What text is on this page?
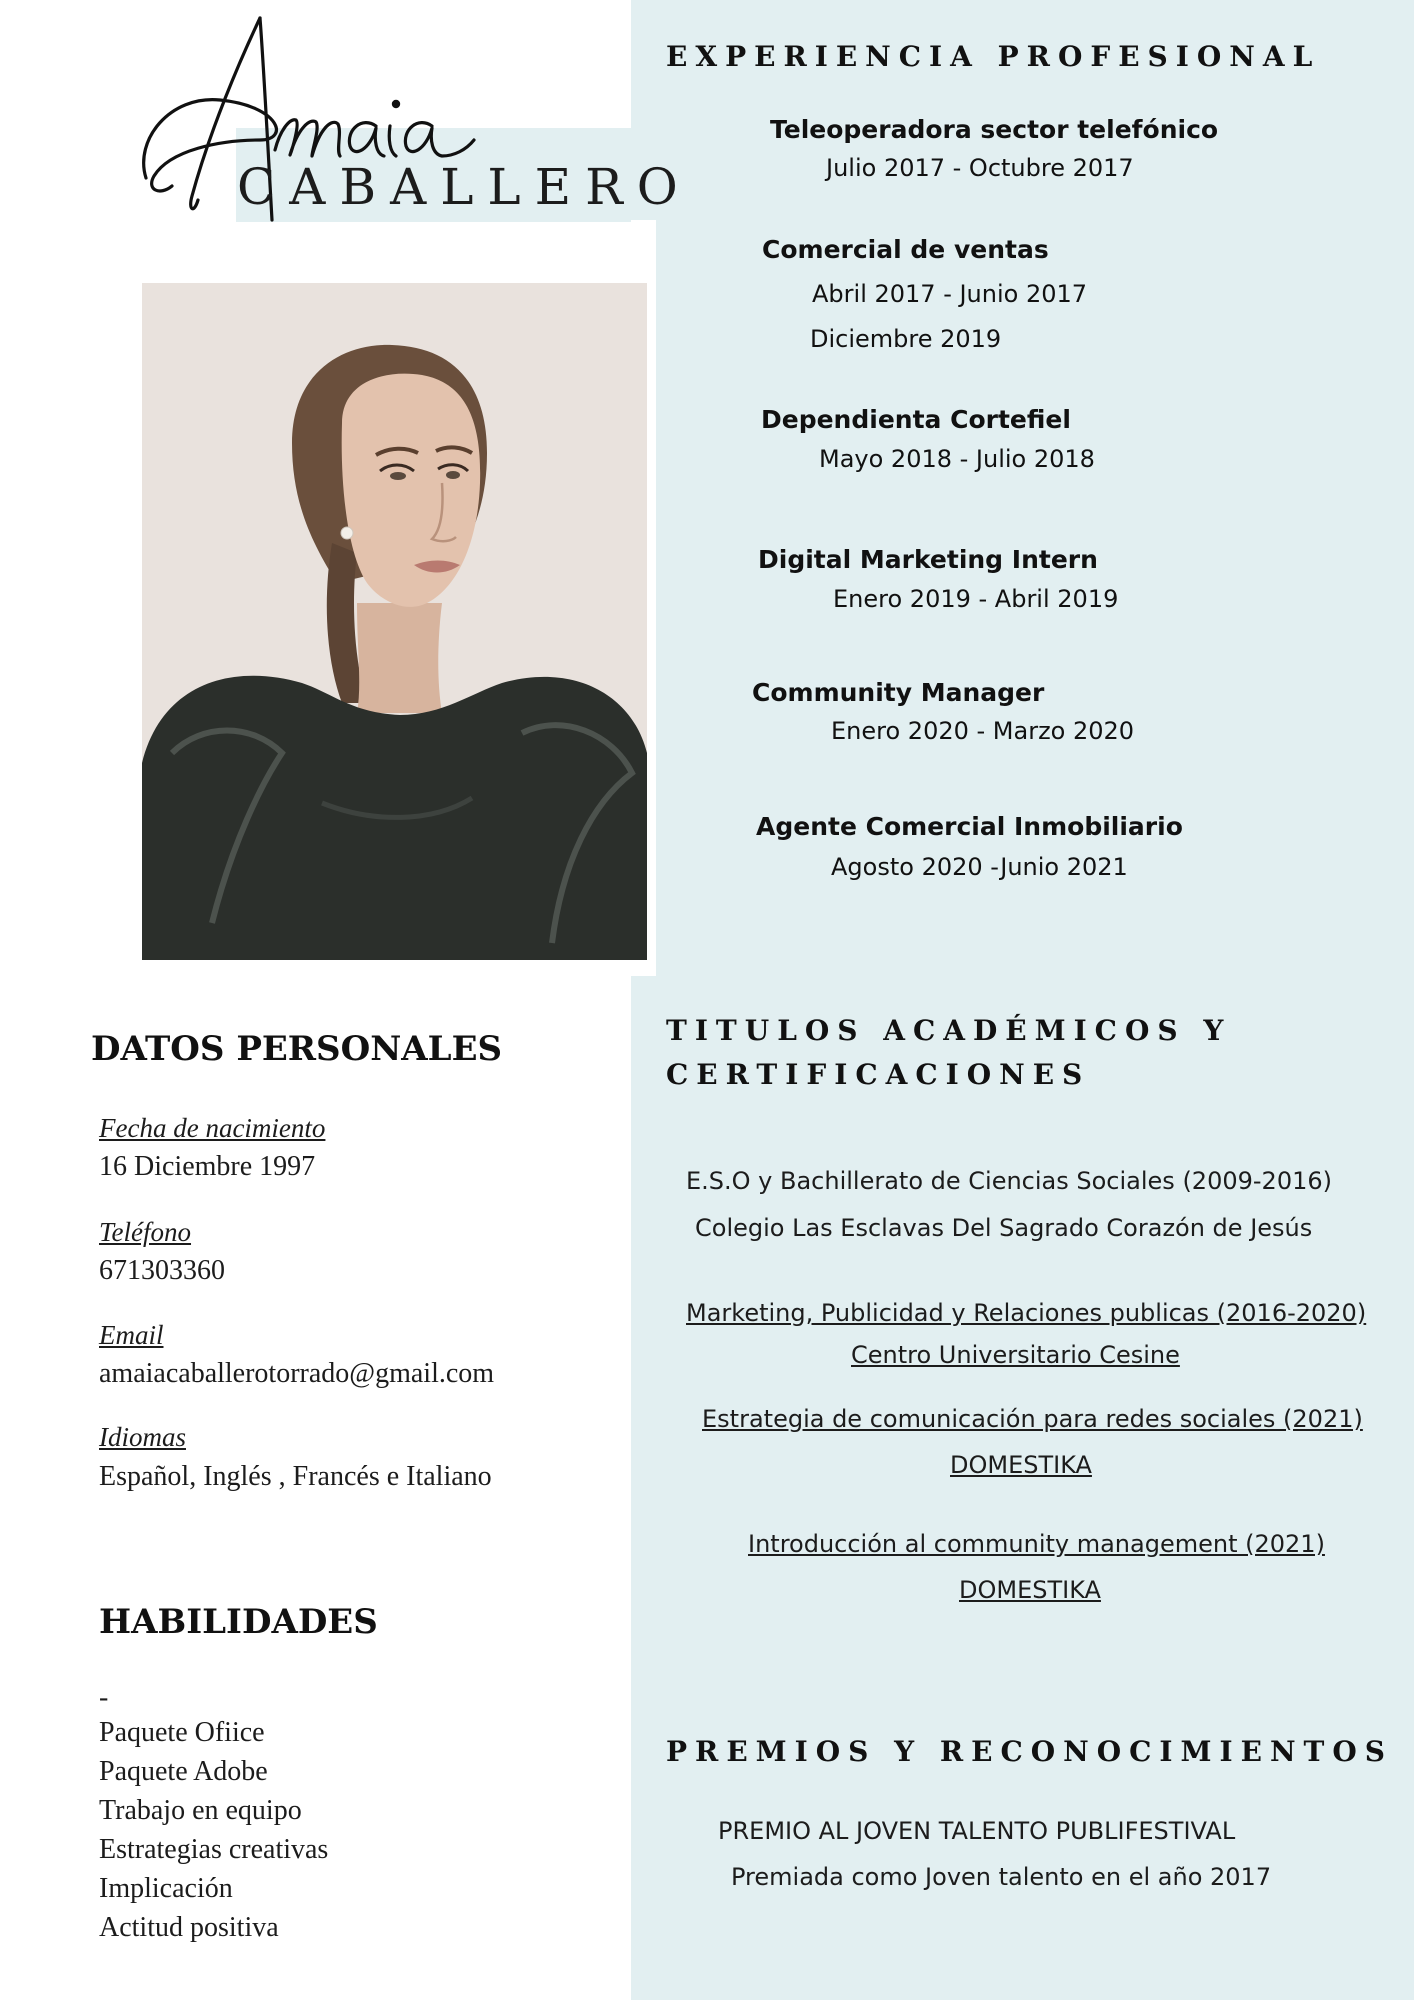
CABALLERO
EXPERIENCIA PROFESIONAL
Teleoperadora sector telefónico
Julio 2017 - Octubre 2017
Comercial de ventas
Abril 2017 - Junio 2017
Diciembre 2019
Dependienta Cortefiel
Mayo 2018 - Julio 2018
Digital Marketing Intern
Enero 2019 - Abril 2019
Community Manager
Enero 2020 - Marzo 2020
Agente Comercial Inmobiliario
Agosto 2020 -Junio 2021
DATOS PERSONALES
Fecha de nacimiento
16 Diciembre 1997
Teléfono
671303360
Email
amaiacaballerotorrado@gmail.com
Idiomas
Español, Inglés , Francés e Italiano
HABILIDADES
-
Paquete Ofiice
Paquete Adobe
Trabajo en equipo
Estrategias creativas
Implicación
Actitud positiva
TITULOS ACADÉMICOS Y
CERTIFICACIONES
E.S.O y Bachillerato de Ciencias Sociales (2009-2016)
Colegio Las Esclavas Del Sagrado Corazón de Jesús
Marketing, Publicidad y Relaciones publicas (2016-2020)
Centro Universitario Cesine
Estrategia de comunicación para redes sociales (2021)
DOMESTIKA
Introducción al community management (2021)
DOMESTIKA
PREMIOS Y RECONOCIMIENTOS
PREMIO AL JOVEN TALENTO PUBLIFESTIVAL
Premiada como Joven talento en el año 2017
